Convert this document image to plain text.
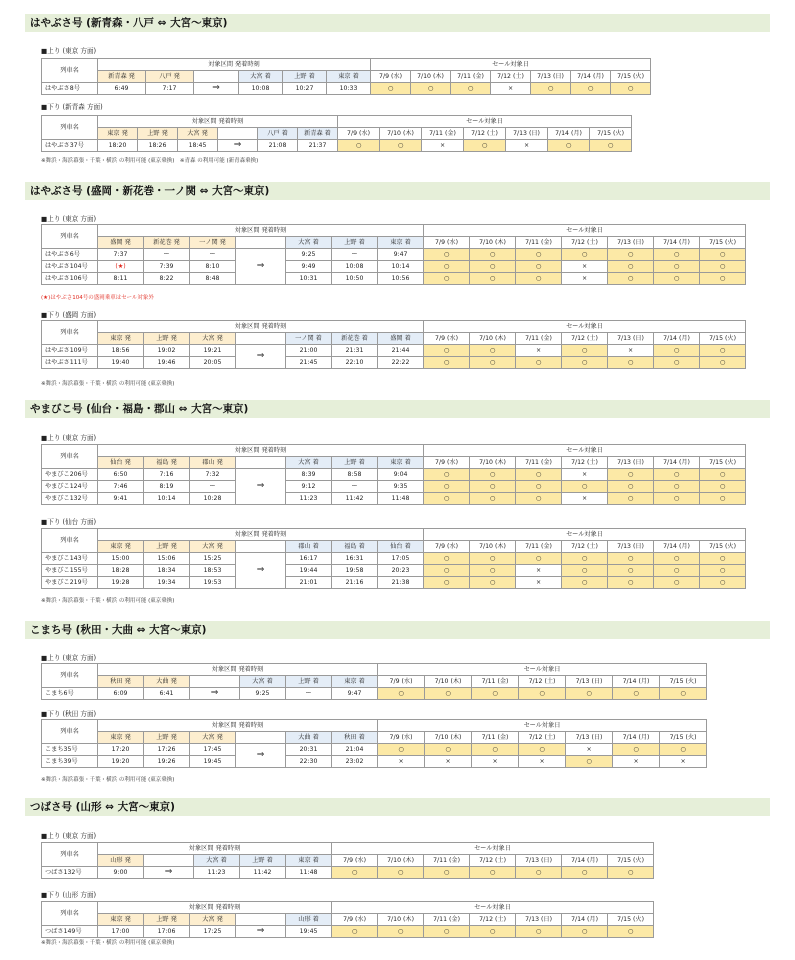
はやぶさ号 (新青森・八戸 ⇔ 大宮〜東京)
■上り (東京 方面)
列車名	対象区間 発着時刻						セール対象日						
	新青森 発	八戸 発		大宮 着	上野 着	東京 着	7/9 (水)	7/10 (木)	7/11 (金)	7/12 (土)	7/13 (日)	7/14 (月)	7/15 (火)
はやぶさ8号	6:49	7:17	⇒	10:08	10:27	10:33	○	○	○	×	○	○	○
■下り (新青森 方面)
列車名	対象区間 発着時刻						セール対象日						
	東京 発	上野 発	大宮 発		八戸 着	新青森 着	7/9 (水)	7/10 (木)	7/11 (金)	7/12 (土)	7/13 (日)	7/14 (月)	7/15 (火)
はやぶさ37号	18:20	18:26	18:45	⇒	21:08	21:37	○	○	×	○	×	○	○
※舞浜・海浜幕張・千葉・横浜 の利用可能 (東京乗換)　※青森 の利用可能 (新青森乗換)
はやぶさ号 (盛岡・新花巻・一ノ関 ⇔ 大宮〜東京)
■上り (東京 方面)
列車名	対象区間 発着時刻							セール対象日						
	盛岡 発	新花巻 発	一ノ関 発		大宮 着	上野 着	東京 着	7/9 (水)	7/10 (木)	7/11 (金)	7/12 (土)	7/13 (日)	7/14 (月)	7/15 (火)
はやぶさ6号	7:37	ー	ー	⇒	9:25	ー	9:47	○	○	○	○	○	○	○
はやぶさ104号	(★)	7:39	8:10		9:49	10:08	10:14	○	○	○	×	○	○	○
はやぶさ106号	8:11	8:22	8:48		10:31	10:50	10:56	○	○	○	×	○	○	○
(★)はやぶさ104号の盛岡乗車はセール対象外
■下り (盛岡 方面)
列車名	対象区間 発着時刻							セール対象日						
	東京 発	上野 発	大宮 発		一ノ関 着	新花巻 着	盛岡 着	7/9 (水)	7/10 (木)	7/11 (金)	7/12 (土)	7/13 (日)	7/14 (月)	7/15 (火)
はやぶさ109号	18:56	19:02	19:21	⇒	21:00	21:31	21:44	○	○	×	○	×	○	○
はやぶさ111号	19:40	19:46	20:05		21:45	22:10	22:22	○	○	○	○	○	○	○
※舞浜・海浜幕張・千葉・横浜 の利用可能 (東京乗換)
やまびこ号 (仙台・福島・郡山 ⇔ 大宮〜東京)
■上り (東京 方面)
列車名	対象区間 発着時刻							セール対象日						
	仙台 発	福島 発	郡山 発		大宮 着	上野 着	東京 着	7/9 (水)	7/10 (木)	7/11 (金)	7/12 (土)	7/13 (日)	7/14 (月)	7/15 (火)
やまびこ206号	6:50	7:16	7:32	⇒	8:39	8:58	9:04	○	○	○	×	○	○	○
やまびこ124号	7:46	8:19	ー		9:12	ー	9:35	○	○	○	○	○	○	○
やまびこ132号	9:41	10:14	10:28		11:23	11:42	11:48	○	○	○	×	○	○	○
■下り (仙台 方面)
列車名	対象区間 発着時刻							セール対象日						
	東京 発	上野 発	大宮 発		郡山 着	福島 着	仙台 着	7/9 (水)	7/10 (木)	7/11 (金)	7/12 (土)	7/13 (日)	7/14 (月)	7/15 (火)
やまびこ143号	15:00	15:06	15:25	⇒	16:17	16:31	17:05	○	○	○	○	○	○	○
やまびこ155号	18:28	18:34	18:53		19:44	19:58	20:23	○	○	×	○	○	○	○
やまびこ219号	19:28	19:34	19:53		21:01	21:16	21:38	○	○	×	○	○	○	○
※舞浜・海浜幕張・千葉・横浜 の利用可能 (東京乗換)
こまち号 (秋田・大曲 ⇔ 大宮〜東京)
■上り (東京 方面)
列車名	対象区間 発着時刻						セール対象日						
	秋田 発	大曲 発		大宮 着	上野 着	東京 着	7/9 (水)	7/10 (木)	7/11 (金)	7/12 (土)	7/13 (日)	7/14 (月)	7/15 (火)
こまち6号	6:09	6:41	⇒	9:25	ー	9:47	○	○	○	○	○	○	○
■下り (秋田 方面)
列車名	対象区間 発着時刻						セール対象日						
	東京 発	上野 発	大宮 発		大曲 着	秋田 着	7/9 (水)	7/10 (木)	7/11 (金)	7/12 (土)	7/13 (日)	7/14 (月)	7/15 (火)
こまち35号	17:20	17:26	17:45	⇒	20:31	21:04	○	○	○	○	×	○	○
こまち39号	19:20	19:26	19:45		22:30	23:02	×	×	×	×	○	×	×
※舞浜・海浜幕張・千葉・横浜 の利用可能 (東京乗換)
つばさ号 (山形 ⇔ 大宮〜東京)
■上り (東京 方面)
列車名	対象区間 発着時刻					セール対象日						
	山形 発		大宮 着	上野 着	東京 着	7/9 (水)	7/10 (木)	7/11 (金)	7/12 (土)	7/13 (日)	7/14 (月)	7/15 (火)
つばさ132号	9:00	⇒	11:23	11:42	11:48	○	○	○	○	○	○	○
■下り (山形 方面)
列車名	対象区間 発着時刻					セール対象日						
	東京 発	上野 発	大宮 発		山形 着	7/9 (水)	7/10 (木)	7/11 (金)	7/12 (土)	7/13 (日)	7/14 (月)	7/15 (火)
つばさ149号	17:00	17:06	17:25	⇒	19:45	○	○	○	○	○	○	○
※舞浜・海浜幕張・千葉・横浜 の利用可能 (東京乗換)
